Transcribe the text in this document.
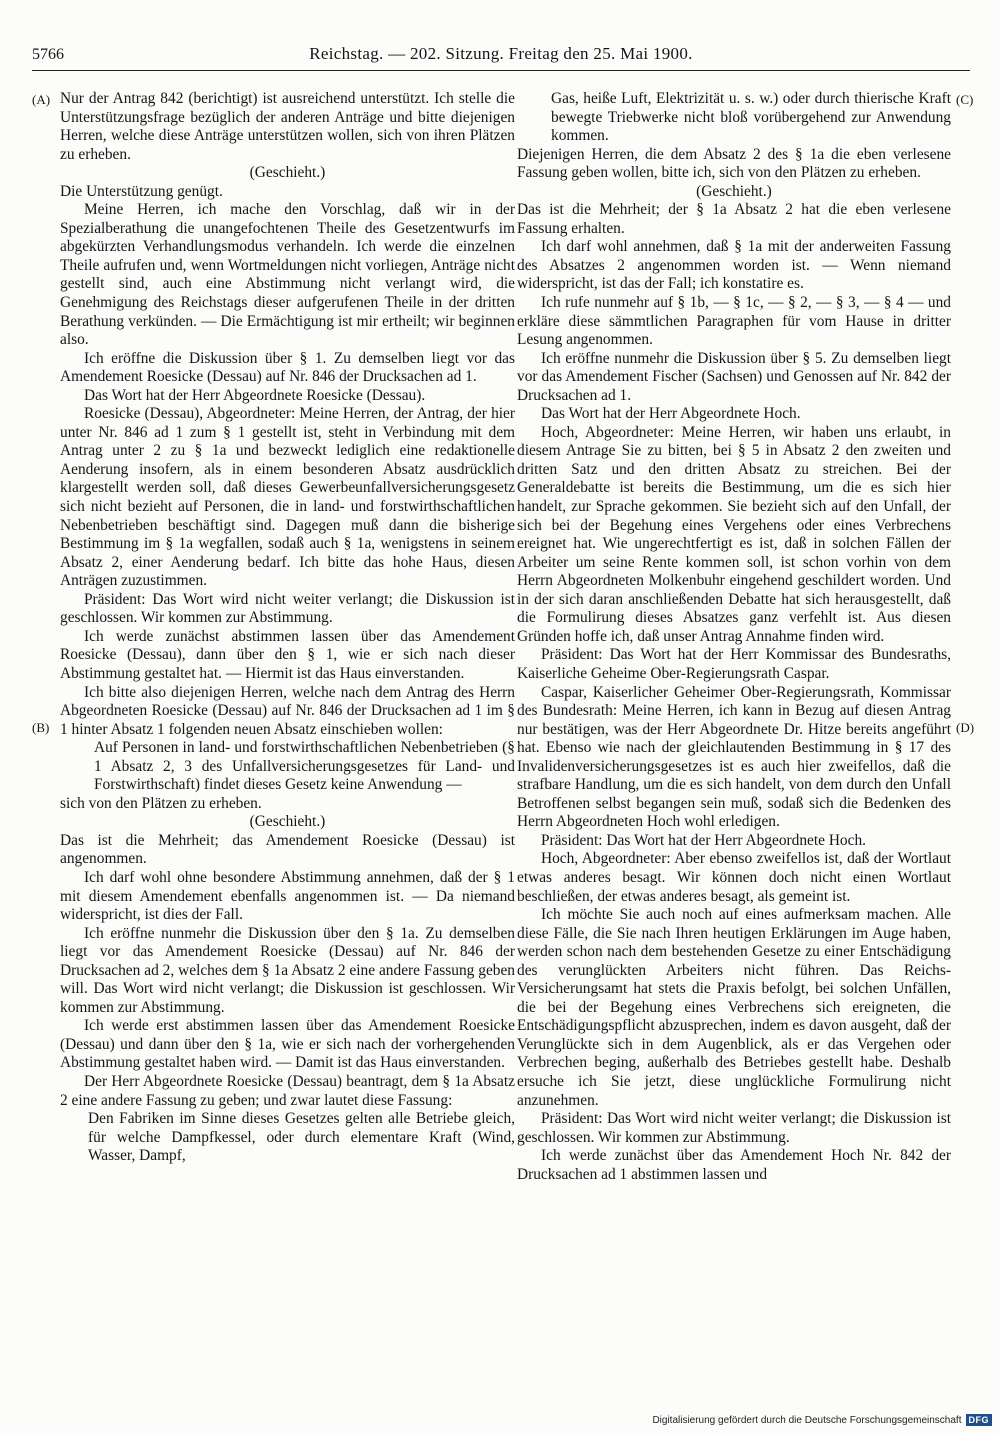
5766	Reichstag. — 202. Sitzung. Freitag den 25. Mai 1900.
(A)
(B)
(C)
(D)

Nur der Antrag 842 (berichtigt) ist ausreichend unterstützt. Ich stelle die Unterstützungsfrage bezüglich der anderen Anträge und bitte diejenigen Herren, welche diese Anträge unterstützen wollen, sich von ihren Plätzen zu erheben.

(Geschieht.)

Die Unterstützung genügt.

Meine Herren, ich mache den Vorschlag, daß wir in der Spezialberathung die unangefochtenen Theile des Gesetzentwurfs im abgekürzten Verhandlungsmodus verhandeln. Ich werde die einzelnen Theile aufrufen und, wenn Wortmeldungen nicht vorliegen, Anträge nicht gestellt sind, auch eine Abstimmung nicht verlangt wird, die Genehmigung des Reichstags dieser aufgerufenen Theile in der dritten Berathung verkünden. — Die Ermächtigung ist mir ertheilt; wir beginnen also.

Ich eröffne die Diskussion über § 1. Zu demselben liegt vor das Amendement Roesicke (Dessau) auf Nr. 846 der Drucksachen ad 1.

Das Wort hat der Herr Abgeordnete Roesicke (Dessau).

Roesicke (Dessau), Abgeordneter: Meine Herren, der Antrag, der hier unter Nr. 846 ad 1 zum § 1 gestellt ist, steht in Verbindung mit dem Antrag unter 2 zu § 1a und bezweckt lediglich eine redaktionelle Aenderung insofern, als in einem besonderen Absatz ausdrücklich klargestellt werden soll, daß dieses Gewerbeunfallversicherungsgesetz sich nicht bezieht auf Personen, die in land- und forstwirthschaftlichen Nebenbetrieben beschäftigt sind. Dagegen muß dann die bisherige Bestimmung im § 1a wegfallen, sodaß auch § 1a, wenigstens in seinem Absatz 2, einer Aenderung bedarf. Ich bitte das hohe Haus, diesen Anträgen zuzustimmen.

Präsident: Das Wort wird nicht weiter verlangt; die Diskussion ist geschlossen. Wir kommen zur Abstimmung.

Ich werde zunächst abstimmen lassen über das Amendement Roesicke (Dessau), dann über den § 1, wie er sich nach dieser Abstimmung gestaltet hat. — Hiermit ist das Haus einverstanden.

Ich bitte also diejenigen Herren, welche nach dem Antrag des Herrn Abgeordneten Roesicke (Dessau) auf Nr. 846 der Drucksachen ad 1 im § 1 hinter Absatz 1 folgenden neuen Absatz einschieben wollen:

Auf Personen in land- und forstwirthschaftlichen Nebenbetrieben (§ 1 Absatz 2, 3 des Unfallversicherungsgesetzes für Land- und Forstwirthschaft) findet dieses Gesetz keine Anwendung —

sich von den Plätzen zu erheben.

(Geschieht.)

Das ist die Mehrheit; das Amendement Roesicke (Dessau) ist angenommen.

Ich darf wohl ohne besondere Abstimmung annehmen, daß der § 1 mit diesem Amendement ebenfalls angenommen ist. — Da niemand widerspricht, ist dies der Fall.

Ich eröffne nunmehr die Diskussion über den § 1a. Zu demselben liegt vor das Amendement Roesicke (Dessau) auf Nr. 846 der Drucksachen ad 2, welches dem § 1a Absatz 2 eine andere Fassung geben will. Das Wort wird nicht verlangt; die Diskussion ist geschlossen. Wir kommen zur Abstimmung.

Ich werde erst abstimmen lassen über das Amendement Roesicke (Dessau) und dann über den § 1a, wie er sich nach der vorhergehenden Abstimmung gestaltet haben wird. — Damit ist das Haus einverstanden.

Der Herr Abgeordnete Roesicke (Dessau) beantragt, dem § 1a Absatz 2 eine andere Fassung zu geben; und zwar lautet diese Fassung:

Den Fabriken im Sinne dieses Gesetzes gelten alle Betriebe gleich, für welche Dampfkessel, oder durch elementare Kraft (Wind, Wasser, Dampf,

Gas, heiße Luft, Elektrizität u. s. w.) oder durch thierische Kraft bewegte Triebwerke nicht bloß vorübergehend zur Anwendung kommen.

Diejenigen Herren, die dem Absatz 2 des § 1a die eben verlesene Fassung geben wollen, bitte ich, sich von den Plätzen zu erheben.

(Geschieht.)

Das ist die Mehrheit; der § 1a Absatz 2 hat die eben verlesene Fassung erhalten.

Ich darf wohl annehmen, daß § 1a mit der anderweiten Fassung des Absatzes 2 angenommen worden ist. — Wenn niemand widerspricht, ist das der Fall; ich konstatire es.

Ich rufe nunmehr auf § 1b, — § 1c, — § 2, — § 3, — § 4 — und erkläre diese sämmtlichen Paragraphen für vom Hause in dritter Lesung angenommen.

Ich eröffne nunmehr die Diskussion über § 5. Zu demselben liegt vor das Amendement Fischer (Sachsen) und Genossen auf Nr. 842 der Drucksachen ad 1.

Das Wort hat der Herr Abgeordnete Hoch.

Hoch, Abgeordneter: Meine Herren, wir haben uns erlaubt, in diesem Antrage Sie zu bitten, bei § 5 in Absatz 2 den zweiten und dritten Satz und den dritten Absatz zu streichen. Bei der Generaldebatte ist bereits die Bestimmung, um die es sich hier handelt, zur Sprache gekommen. Sie bezieht sich auf den Unfall, der sich bei der Begehung eines Vergehens oder eines Verbrechens ereignet hat. Wie ungerechtfertigt es ist, daß in solchen Fällen der Arbeiter um seine Rente kommen soll, ist schon vorhin von dem Herrn Abgeordneten Molkenbuhr eingehend geschildert worden. Und in der sich daran anschließenden Debatte hat sich herausgestellt, daß die Formulirung dieses Absatzes ganz verfehlt ist. Aus diesen Gründen hoffe ich, daß unser Antrag Annahme finden wird.

Präsident: Das Wort hat der Herr Kommissar des Bundesraths, Kaiserliche Geheime Ober-Regierungsrath Caspar.

Caspar, Kaiserlicher Geheimer Ober-Regierungsrath, Kommissar des Bundesrath: Meine Herren, ich kann in Bezug auf diesen Antrag nur bestätigen, was der Herr Abgeordnete Dr. Hitze bereits angeführt hat. Ebenso wie nach der gleichlautenden Bestimmung in § 17 des Invalidenversicherungsgesetzes ist es auch hier zweifellos, daß die strafbare Handlung, um die es sich handelt, von dem durch den Unfall Betroffenen selbst begangen sein muß, sodaß sich die Bedenken des Herrn Abgeordneten Hoch wohl erledigen.

Präsident: Das Wort hat der Herr Abgeordnete Hoch.

Hoch, Abgeordneter: Aber ebenso zweifellos ist, daß der Wortlaut etwas anderes besagt. Wir können doch nicht einen Wortlaut beschließen, der etwas anderes besagt, als gemeint ist.

Ich möchte Sie auch noch auf eines aufmerksam machen. Alle diese Fälle, die Sie nach Ihren heutigen Erklärungen im Auge haben, werden schon nach dem bestehenden Gesetze zu einer Entschädigung des verunglückten Arbeiters nicht führen. Das Reichs-Versicherungsamt hat stets die Praxis befolgt, bei solchen Unfällen, die bei der Begehung eines Verbrechens sich ereigneten, die Entschädigungspflicht abzusprechen, indem es davon ausgeht, daß der Verunglückte sich in dem Augenblick, als er das Vergehen oder Verbrechen beging, außerhalb des Betriebes gestellt habe. Deshalb ersuche ich Sie jetzt, diese unglückliche Formulirung nicht anzunehmen.

Präsident: Das Wort wird nicht weiter verlangt; die Diskussion ist geschlossen. Wir kommen zur Abstimmung.

Ich werde zunächst über das Amendement Hoch Nr. 842 der Drucksachen ad 1 abstimmen lassen und

Digitalisierung gefördert durch die Deutsche Forschungsgemeinschaft DFG
